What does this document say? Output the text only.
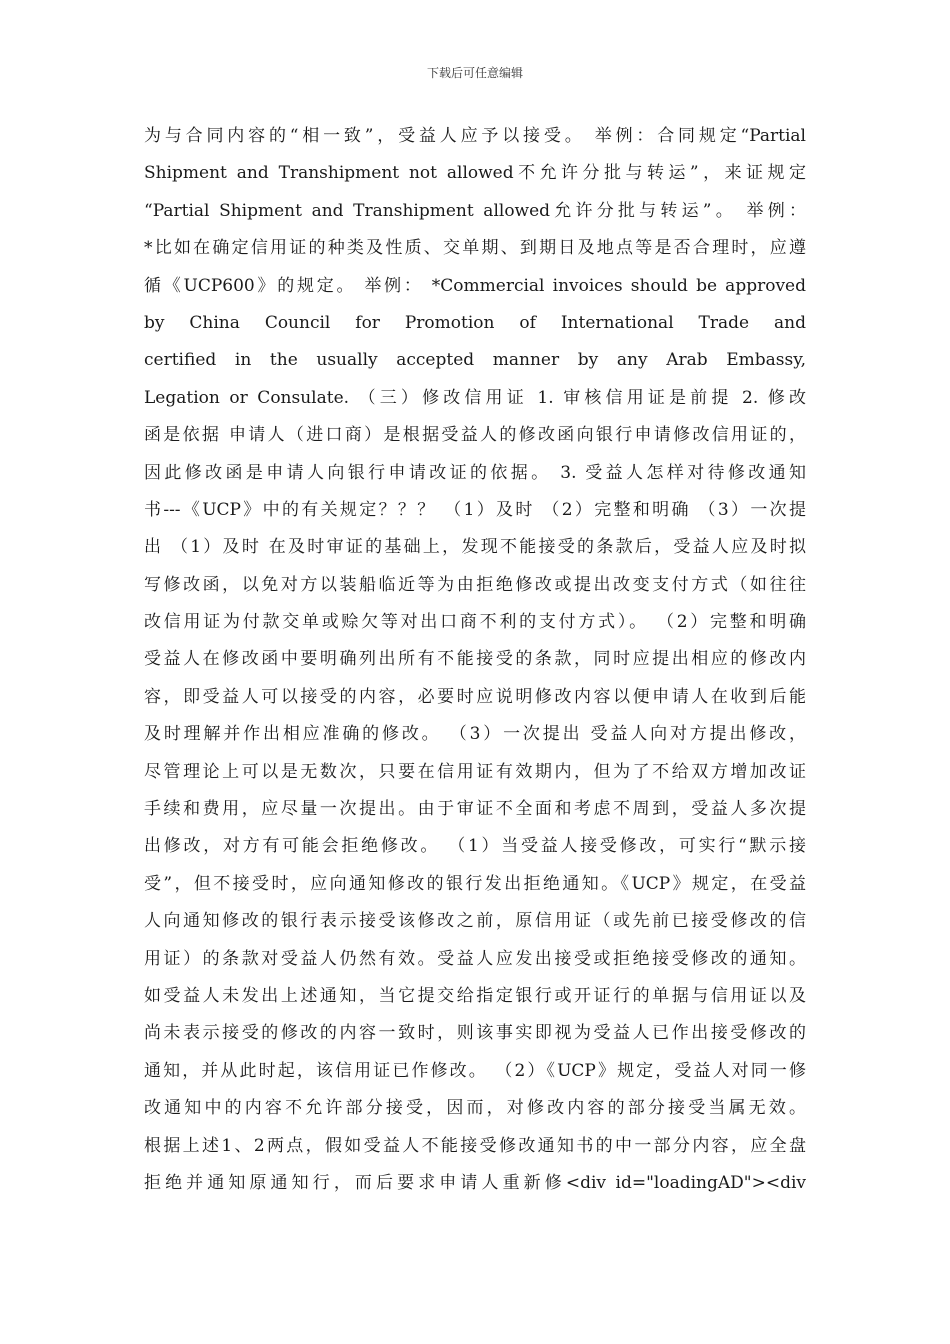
下载后可任意编辑
为与合同内容的“相一致”，受益人应予以接受。 举例：合同规定“Partial
Shipment and Transhipment not allowed不允许分批与转运”，来证规定
“Partial Shipment and Transhipment allowed允许分批与转运”。 举例：
*比如在确定信用证的种类及性质、交单期、到期日及地点等是否合理时，应遵
循《UCP600》的规定。 举例： *Commercial invoices should be approved
by China Council for Promotion of International Trade and
certified in the usually accepted manner by any Arab Embassy,
Legation or Consulate. （三）修改信用证 1. 审核信用证是前提 2. 修改
函是依据 申请人（进口商）是根据受益人的修改函向银行申请修改信用证的，
因此修改函是申请人向银行申请改证的依据。 3. 受益人怎样对待修改通知
书---《UCP》中的有关规定？？？ （1）及时 （2）完整和明确 （3）一次提
出 （1）及时 在及时审证的基础上，发现不能接受的条款后，受益人应及时拟
写修改函，以免对方以装船临近等为由拒绝修改或提出改变支付方式（如往往
改信用证为付款交单或赊欠等对出口商不利的支付方式）。 （2）完整和明确
受益人在修改函中要明确列出所有不能接受的条款，同时应提出相应的修改内
容，即受益人可以接受的内容，必要时应说明修改内容以便申请人在收到后能
及时理解并作出相应准确的修改。 （3）一次提出 受益人向对方提出修改，
尽管理论上可以是无数次，只要在信用证有效期内，但为了不给双方增加改证
手续和费用，应尽量一次提出。由于审证不全面和考虑不周到，受益人多次提
出修改，对方有可能会拒绝修改。 （1）当受益人接受修改，可实行“默示接
受”，但不接受时，应向通知修改的银行发出拒绝通知。《UCP》规定，在受益
人向通知修改的银行表示接受该修改之前，原信用证（或先前已接受修改的信
用证）的条款对受益人仍然有效。受益人应发出接受或拒绝接受修改的通知。
如受益人未发出上述通知，当它提交给指定银行或开证行的单据与信用证以及
尚未表示接受的修改的内容一致时，则该事实即视为受益人已作出接受修改的
通知，并从此时起，该信用证已作修改。 （2）《UCP》规定，受益人对同一修
改通知中的内容不允许部分接受，因而，对修改内容的部分接受当属无效。
根据上述1、2两点，假如受益人不能接受修改通知书的中一部分内容，应全盘
拒绝并通知原通知行，而后要求申请人重新修<div id="loadingAD"><div
